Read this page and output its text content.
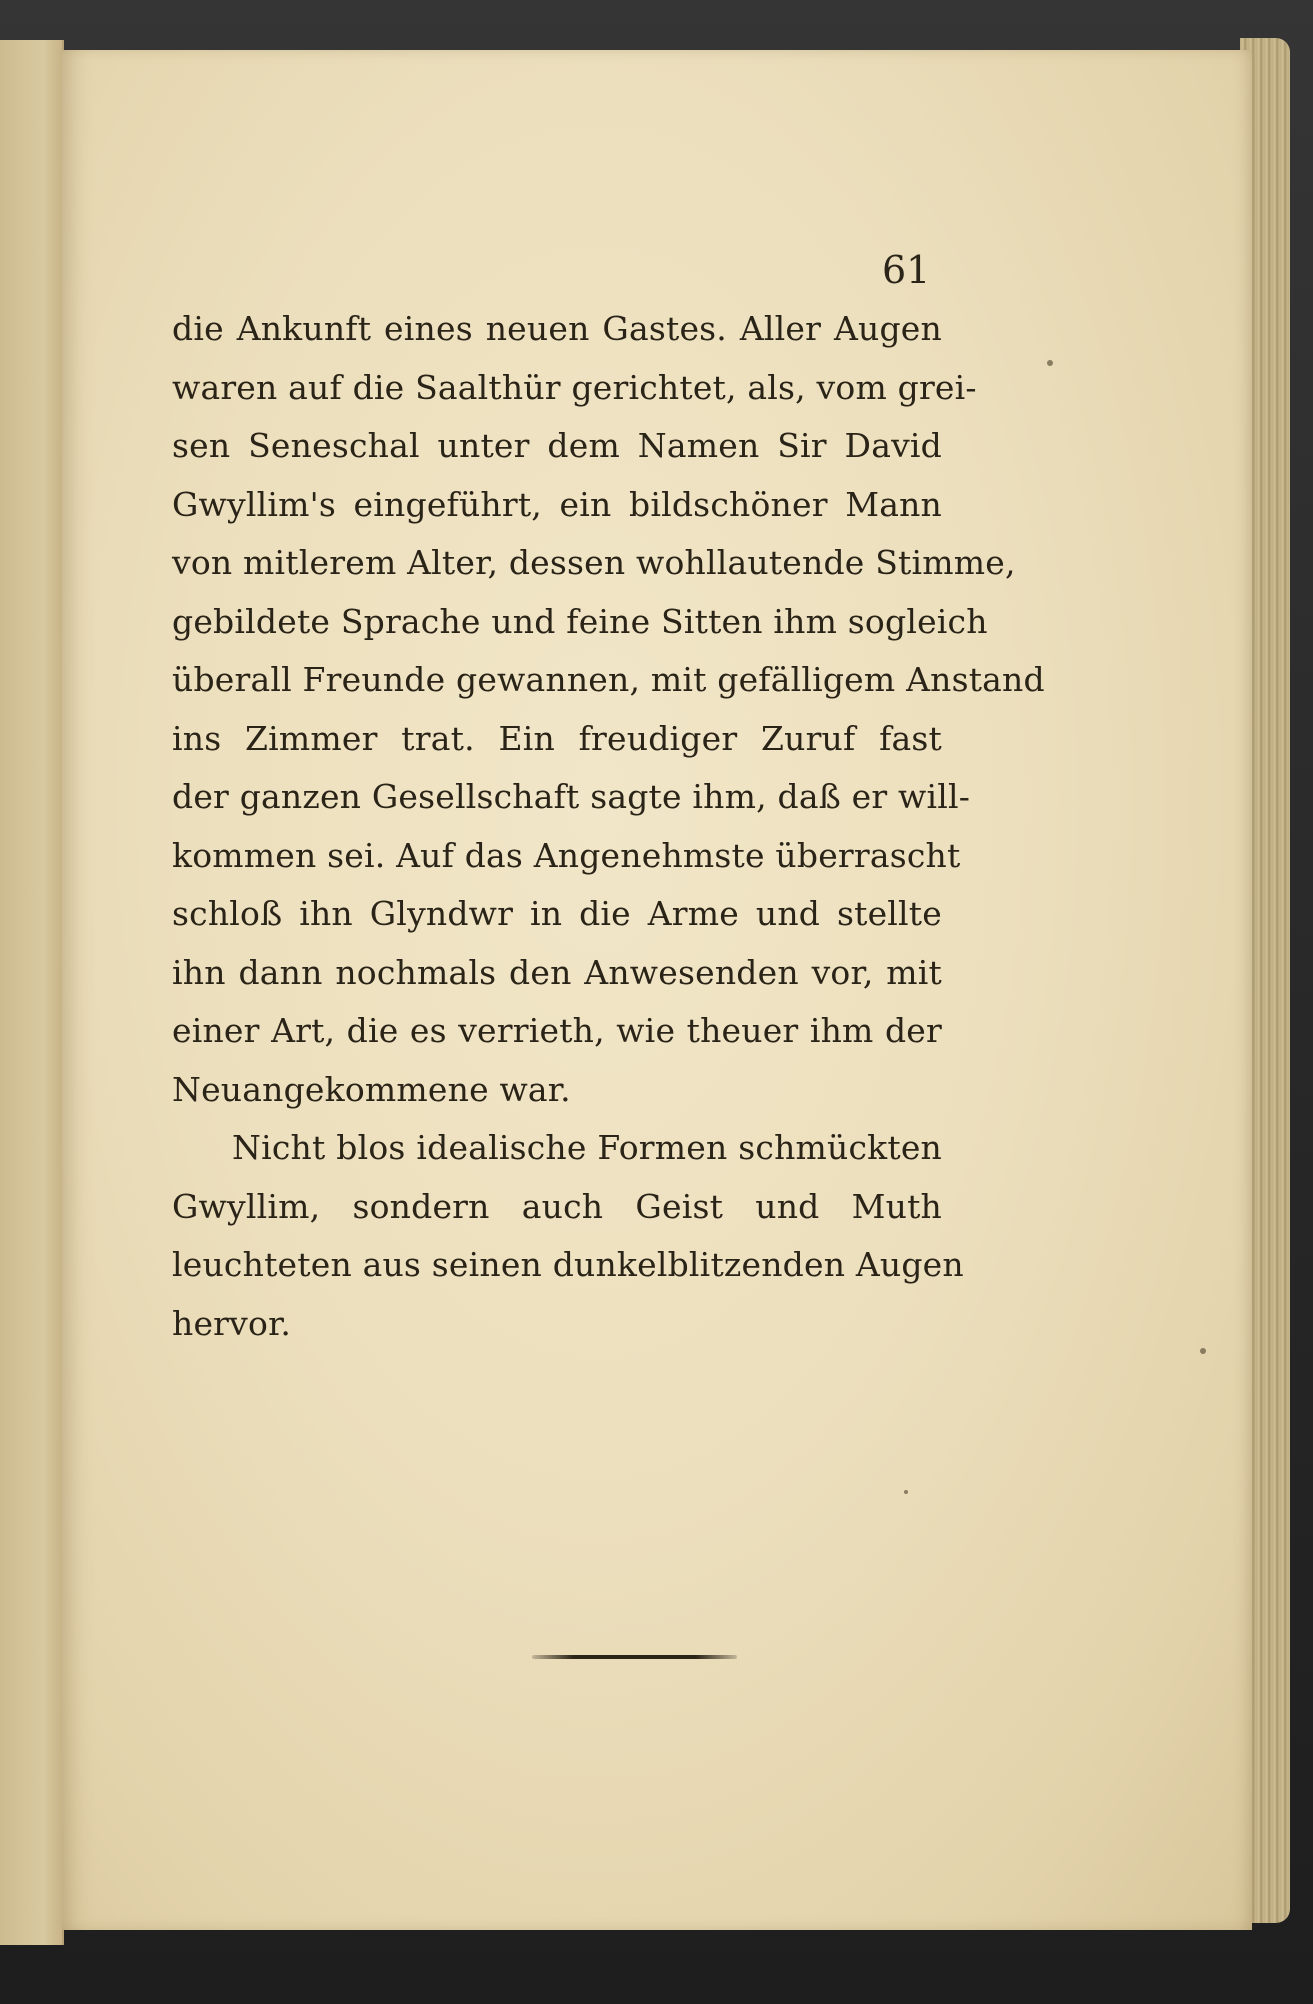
61
die Ankunft eines neuen Gastes. Aller Augen
waren auf die Saalthür gerichtet, als, vom grei-
sen Seneschal unter dem Namen Sir David
Gwyllim's eingeführt, ein bildschöner Mann
von mitlerem Alter, dessen wohllautende Stimme,
gebildete Sprache und feine Sitten ihm sogleich
überall Freunde gewannen, mit gefälligem Anstand
ins Zimmer trat. Ein freudiger Zuruf fast
der ganzen Gesellschaft sagte ihm, daß er will-
kommen sei. Auf das Angenehmste überrascht
schloß ihn Glyndwr in die Arme und stellte
ihn dann nochmals den Anwesenden vor, mit
einer Art, die es verrieth, wie theuer ihm der
Neuangekommene war.
Nicht blos idealische Formen schmückten
Gwyllim, sondern auch Geist und Muth
leuchteten aus seinen dunkelblitzenden Augen
hervor.
